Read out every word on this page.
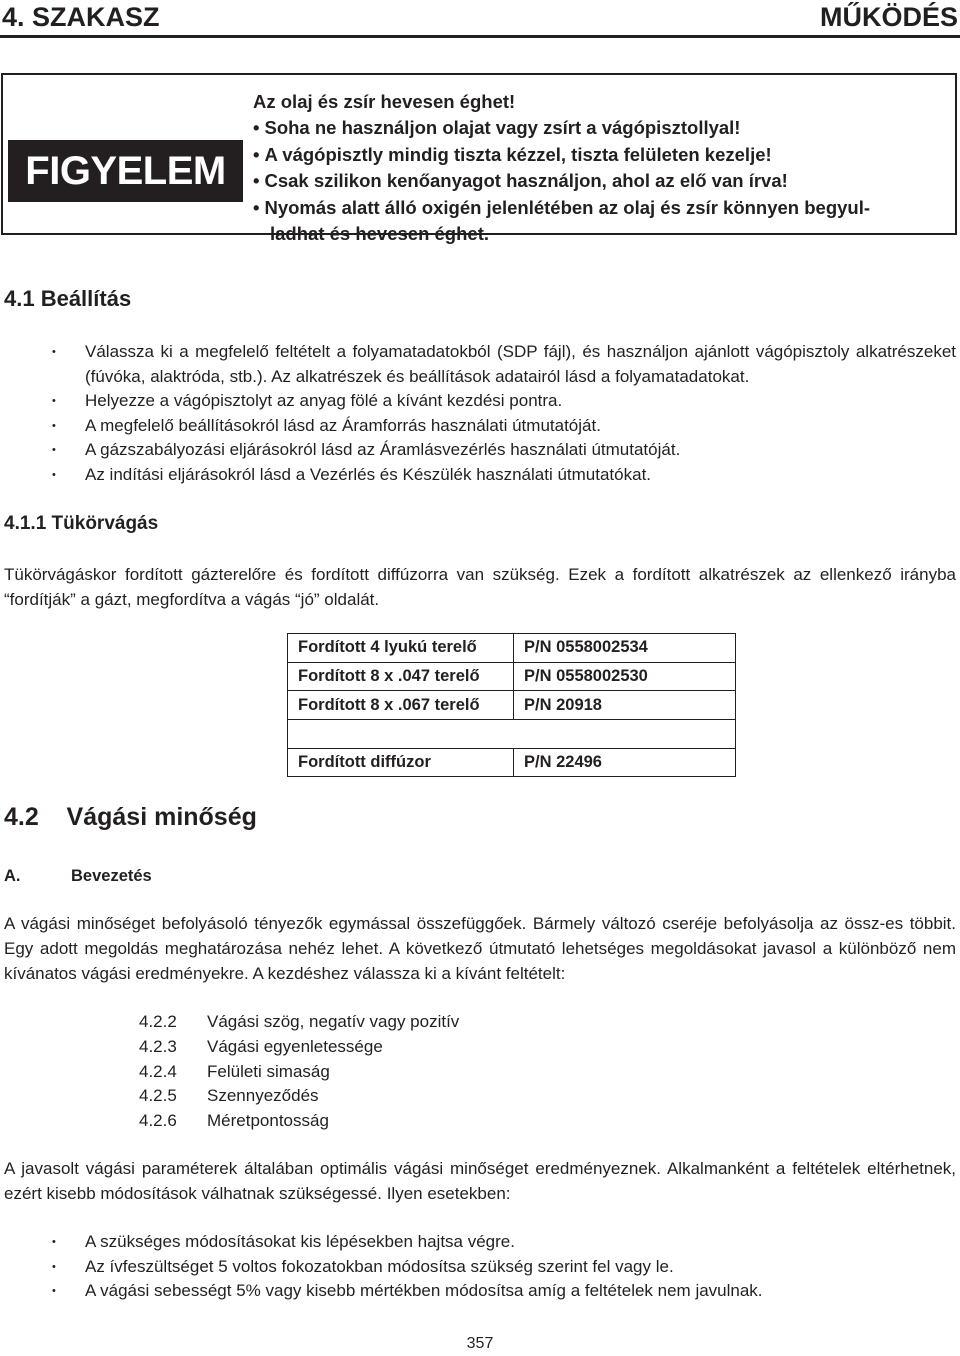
4. SZAKASZ	MŰKÖDÉS
FIGYELEM
Az olaj és zsír hevesen éghet!
• Soha ne használjon olajat vagy zsírt a vágópisztollyal!
• A vágópisztly mindig tiszta kézzel, tiszta felületen kezelje!
• Csak szilikon kenőanyagot használjon, ahol az elő van írva!
• Nyomás alatt álló oxigén jelenlétében az olaj és zsír könnyen begyul-
ladhat és hevesen éghet.
4.1 Beállítás
• Válassza ki a megfelelő feltételt a folyamatadatokból (SDP fájl), és használjon ajánlott vágópisztoly alkatrészeket (fúvóka, alaktróda, stb.). Az alkatrészek és beállítások adatairól lásd a folyamatadatokat.
• Helyezze a vágópisztolyt az anyag fölé a kívánt kezdési pontra.
• A megfelelő beállításokról lásd az Áramforrás használati útmutatóját.
• A gázszabályozási eljárásokról lásd az Áramlásvezérlés használati útmutatóját.
• Az indítási eljárásokról lásd a Vezérlés és Készülék használati útmutatókat.
4.1.1 Tükörvágás
Tükörvágáskor fordított gázterelőre és fordított diffúzorra van szükség. Ezek a fordított alkatrészek az ellenkező irányba “fordítják” a gázt, megfordítva a vágás “jó” oldalát.
Fordított 4 lyukú terelő	P/N 0558002534
Fordított 8 x .047 terelő	P/N 0558002530
Fordított 8 x .067 terelő	P/N 20918

Fordított diffúzor	P/N 22496
4.2    Vágási minőség
A.	Bevezetés
A vágási minőséget befolyásoló tényezők egymással összefüggőek. Bármely változó cseréje befolyásolja az össz-es többit. Egy adott megoldás meghatározása nehéz lehet. A következő útmutató lehetséges megoldásokat javasol a különböző nem kívánatos vágási eredményekre. A kezdéshez válassza ki a kívánt feltételt:
4.2.2 Vágási szög, negatív vagy pozitív
4.2.3 Vágási egyenletessége
4.2.4 Felületi simaság
4.2.5 Szennyeződés
4.2.6 Méretpontosság
A javasolt vágási paraméterek általában optimális vágási minőséget eredményeznek. Alkalmanként a feltételek eltérhetnek, ezért kisebb módosítások válhatnak szükségessé. Ilyen esetekben:
• A szükséges módosításokat kis lépésekben hajtsa végre.
• Az ívfeszültséget 5 voltos fokozatokban módosítsa szükség szerint fel vagy le.
• A vágási sebességt 5% vagy kisebb mértékben módosítsa amíg a feltételek nem javulnak.
357
